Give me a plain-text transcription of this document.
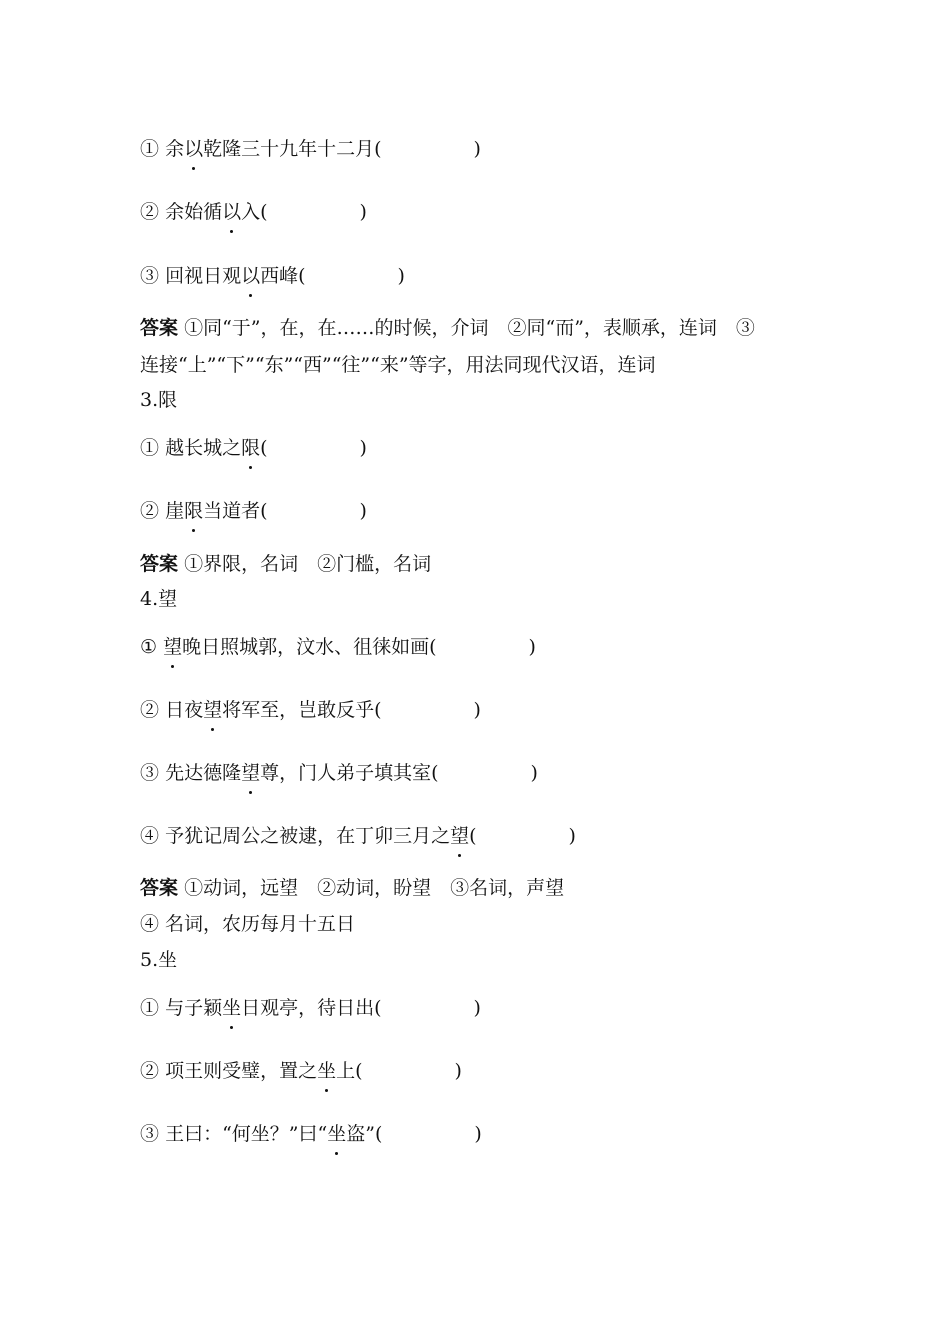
① 余以乾隆三十九年十二月(	)
② 余始循以入(	)
③ 回视日观以西峰(	)
答案 ①同“于”，在，在……的时候，介词　②同“而”，表顺承，连词　③
连接“上”“下”“东”“西”“往”“来”等字，用法同现代汉语，连词
3.限
① 越长城之限(	)
② 崖限当道者(	)
答案 ①界限，名词　②门槛，名词
4.望
① 望晚日照城郭，汶水、徂徕如画(	)
② 日夜望将军至，岂敢反乎(	)
③ 先达德隆望尊，门人弟子填其室(	)
④ 予犹记周公之被逮，在丁卯三月之望(	)
答案 ①动词，远望　②动词，盼望　③名词，声望
④ 名词，农历每月十五日
5.坐
① 与子颖坐日观亭，待日出(	)
② 项王则受璧，置之坐上(	)
③ 王曰：“何坐？”曰“坐盗”(	)
